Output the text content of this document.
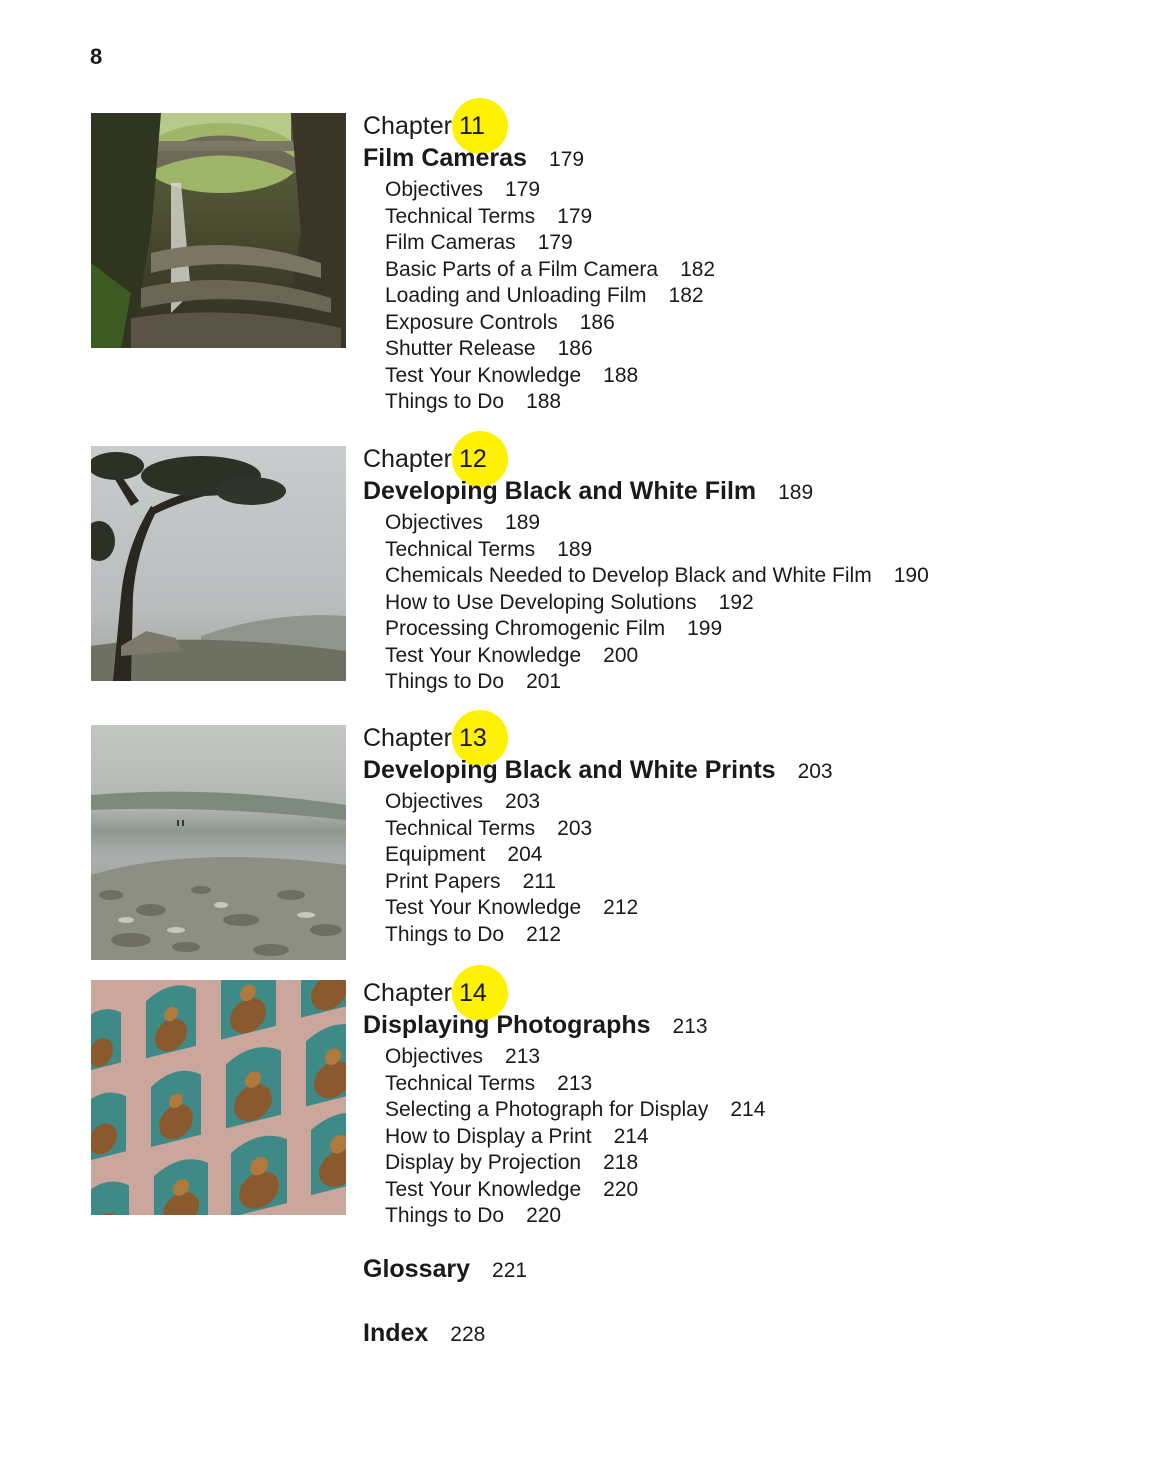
8
Chapter 11
Film Cameras 179
Objectives 179
Technical Terms 179
Film Cameras 179
Basic Parts of a Film Camera 182
Loading and Unloading Film 182
Exposure Controls 186
Shutter Release 186
Test Your Knowledge 188
Things to Do 188
Chapter 12
Developing Black and White Film 189
Objectives 189
Technical Terms 189
Chemicals Needed to Develop Black and White Film 190
How to Use Developing Solutions 192
Processing Chromogenic Film 199
Test Your Knowledge 200
Things to Do 201
Chapter 13
Developing Black and White Prints 203
Objectives 203
Technical Terms 203
Equipment 204
Print Papers 211
Test Your Knowledge 212
Things to Do 212
Chapter 14
Displaying Photographs 213
Objectives 213
Technical Terms 213
Selecting a Photograph for Display 214
How to Display a Print 214
Display by Projection 218
Test Your Knowledge 220
Things to Do 220
Glossary 221
Index 228
